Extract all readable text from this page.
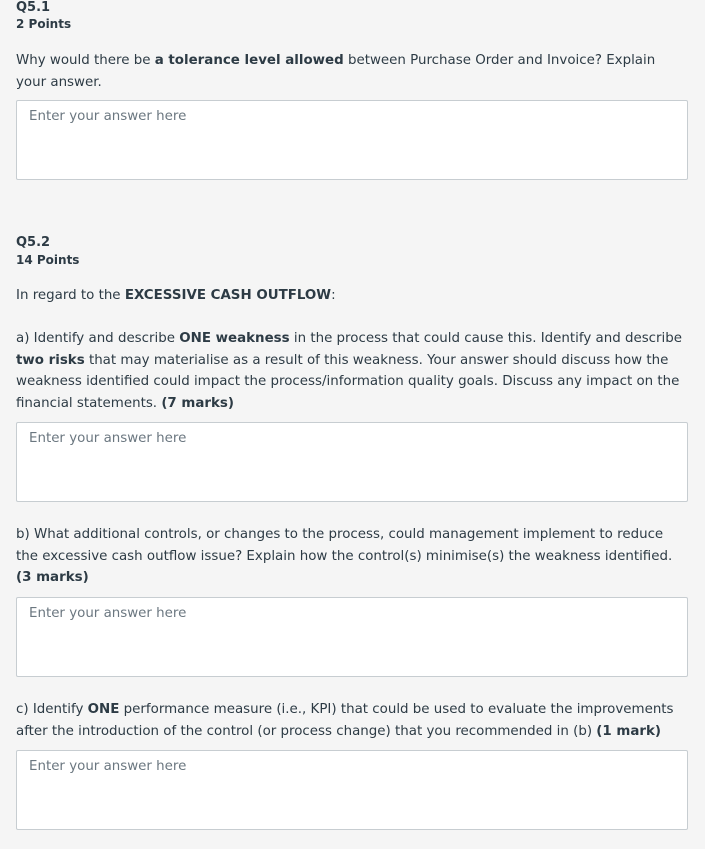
Q5.1
2 Points

Why would there be a tolerance level allowed between Purchase Order and Invoice? Explain your answer.

Enter your answer here
Q5.2
14 Points

In regard to the EXCESSIVE CASH OUTFLOW:

a) Identify and describe ONE weakness in the process that could cause this. Identify and describe two risks that may materialise as a result of this weakness. Your answer should discuss how the weakness identified could impact the process/information quality goals. Discuss any impact on the financial statements. (7 marks)

Enter your answer here

b) What additional controls, or changes to the process, could management implement to reduce the excessive cash outflow issue? Explain how the control(s) minimise(s) the weakness identified. (3 marks)

Enter your answer here

c) Identify ONE performance measure (i.e., KPI) that could be used to evaluate the improvements after the introduction of the control (or process change) that you recommended in (b) (1 mark)

Enter your answer here
